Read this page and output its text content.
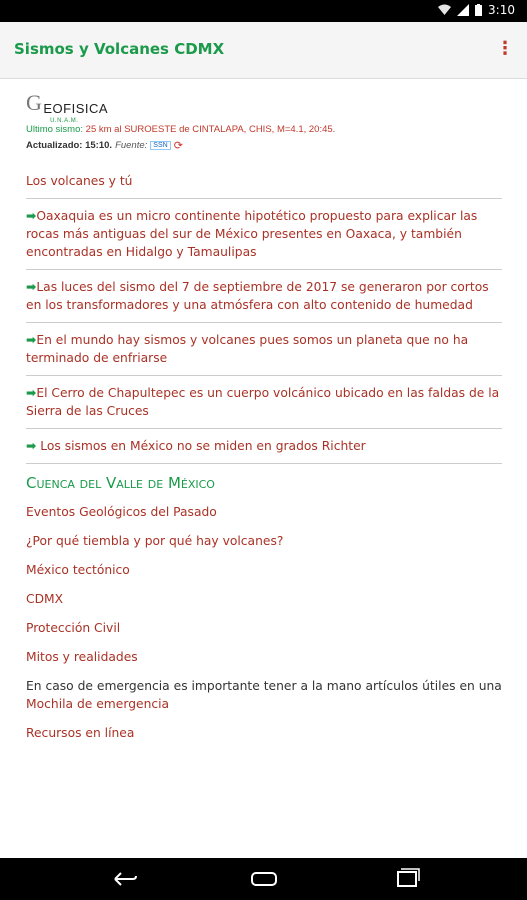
3:10
Sismos y Volcanes CDMX	⋮
G EOFISICA
U.N.A.M.
Ultimo sismo: 25 km al SUROESTE de CINTALAPA, CHIS, M=4.1, 20:45.
Actualizado: 15:10. Fuente: SSN ⟳
Los volcanes y tú
➡Oaxaquia es un micro continente hipotético propuesto para explicar las rocas más antiguas del sur de México presentes en Oaxaca, y también encontradas en Hidalgo y Tamaulipas
➡Las luces del sismo del 7 de septiembre de 2017 se generaron por cortos en los transformadores y una atmósfera con alto contenido de humedad
➡En el mundo hay sismos y volcanes pues somos un planeta que no ha terminado de enfriarse
➡El Cerro de Chapultepec es un cuerpo volcánico ubicado en las faldas de la Sierra de las Cruces
➡ Los sismos en México no se miden en grados Richter
Cuenca del Valle de México
Eventos Geológicos del Pasado
¿Por qué tiembla y por qué hay volcanes?
México tectónico
CDMX
Protección Civil
Mitos y realidades
En caso de emergencia es importante tener a la mano artículos útiles en una Mochila de emergencia
Recursos en línea
